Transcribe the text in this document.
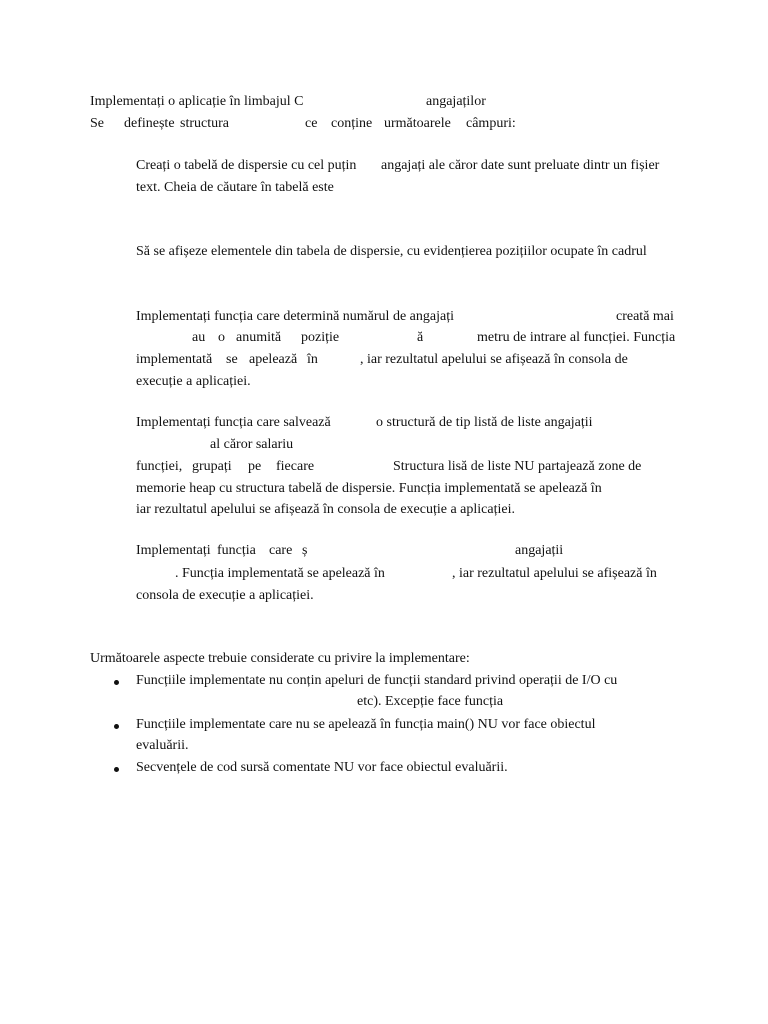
Implementați o aplicație în limbajul C	angajaților
Se definește structura	ce conține următoarele câmpuri:
Creați o tabelă de dispersie cu cel puțin angajați ale căror date sunt preluate dintr un fișier
text. Cheia de căutare în tabelă este
Să se afișeze elementele din tabela de dispersie, cu evidențierea pozițiilor ocupate în cadrul
Implementați funcția care determină numărul de angajați	creată mai
au o anumită poziție	ă	metru de intrare al funcției. Funcția
implementată se apelează în	, iar rezultatul apelului se afișează în consola de
execuție a aplicației.
Implementați funcția care salvează	o structură de tip listă de liste angajații
al căror salariu
funcției, grupați pe fiecare	Structura lisă de liste NU partajează zone de
memorie heap cu structura tabelă de dispersie. Funcția implementată se apelează în
iar rezultatul apelului se afișează în consola de execuție a aplicației.
Implementați funcția care ș	angajații
. Funcția implementată se apelează în	, iar rezultatul apelului se afișează în
consola de execuție a aplicației.
Următoarele aspecte trebuie considerate cu privire la implementare:
Funcțiile implementate nu conțin apeluri de funcții standard privind operații de I/O cu
etc). Excepție face funcția
Funcțiile implementate care nu se apelează în funcția main() NU vor face obiectul
evaluării.
Secvențele de cod sursă comentate NU vor face obiectul evaluării.
